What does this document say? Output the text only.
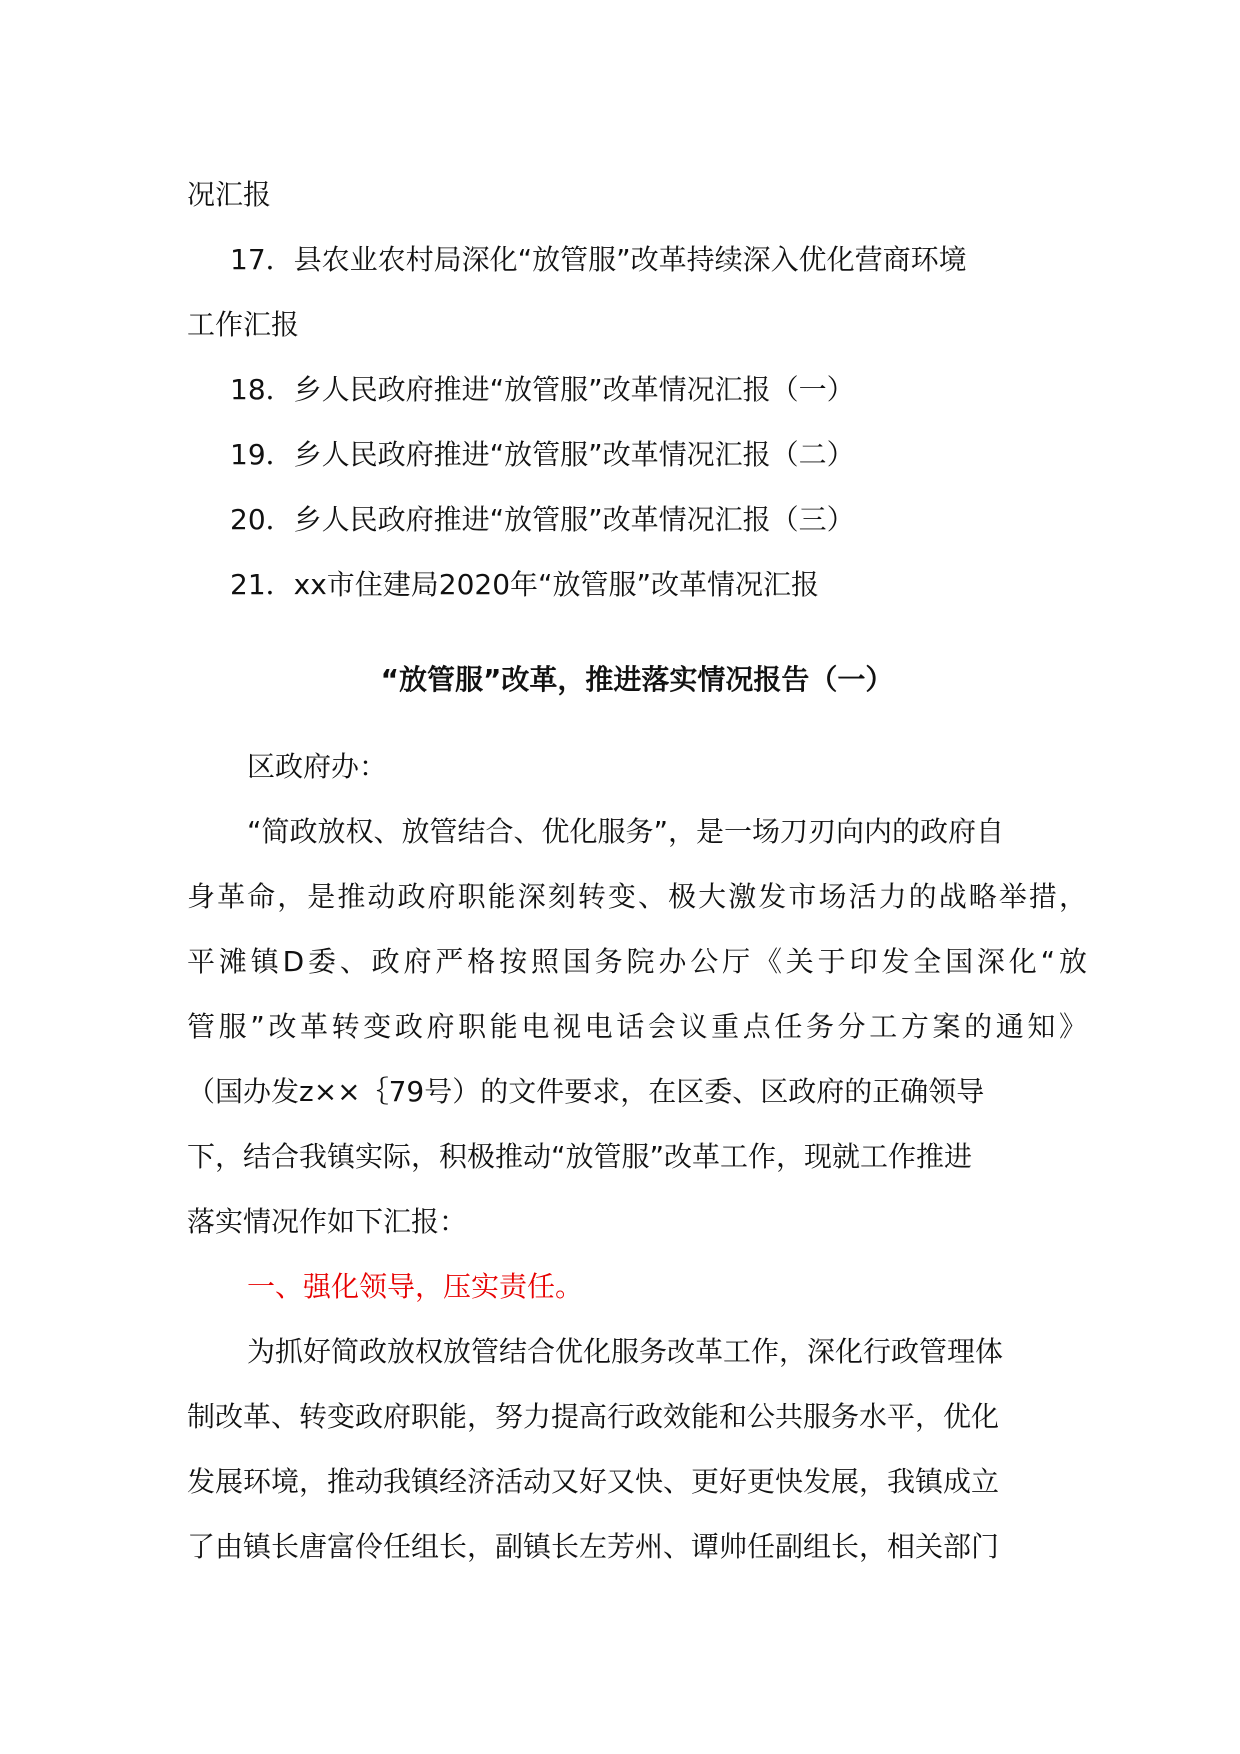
况汇报

17．县农业农村局深化“放管服”改革持续深入优化营商环境

工作汇报

18．乡人民政府推进“放管服”改革情况汇报（一）

19．乡人民政府推进“放管服”改革情况汇报（二）

20．乡人民政府推进“放管服”改革情况汇报（三）

21．xx市住建局2020年“放管服”改革情况汇报

“放管服”改革，推进落实情况报告（一）

区政府办：

“简政放权、放管结合、优化服务”，是一场刀刃向内的政府自

身革命，是推动政府职能深刻转变、极大激发市场活力的战略举措，

平滩镇D委、政府严格按照国务院办公厅《关于印发全国深化“放

管服”改革转变政府职能电视电话会议重点任务分工方案的通知》

（国办发z××｛79号）的文件要求，在区委、区政府的正确领导

下，结合我镇实际，积极推动“放管服”改革工作，现就工作推进

落实情况作如下汇报：

一、强化领导，压实责任。

为抓好简政放权放管结合优化服务改革工作，深化行政管理体

制改革、转变政府职能，努力提高行政效能和公共服务水平，优化

发展环境，推动我镇经济活动又好又快、更好更快发展，我镇成立

了由镇长唐富伶任组长，副镇长左芳州、谭帅任副组长，相关部门
